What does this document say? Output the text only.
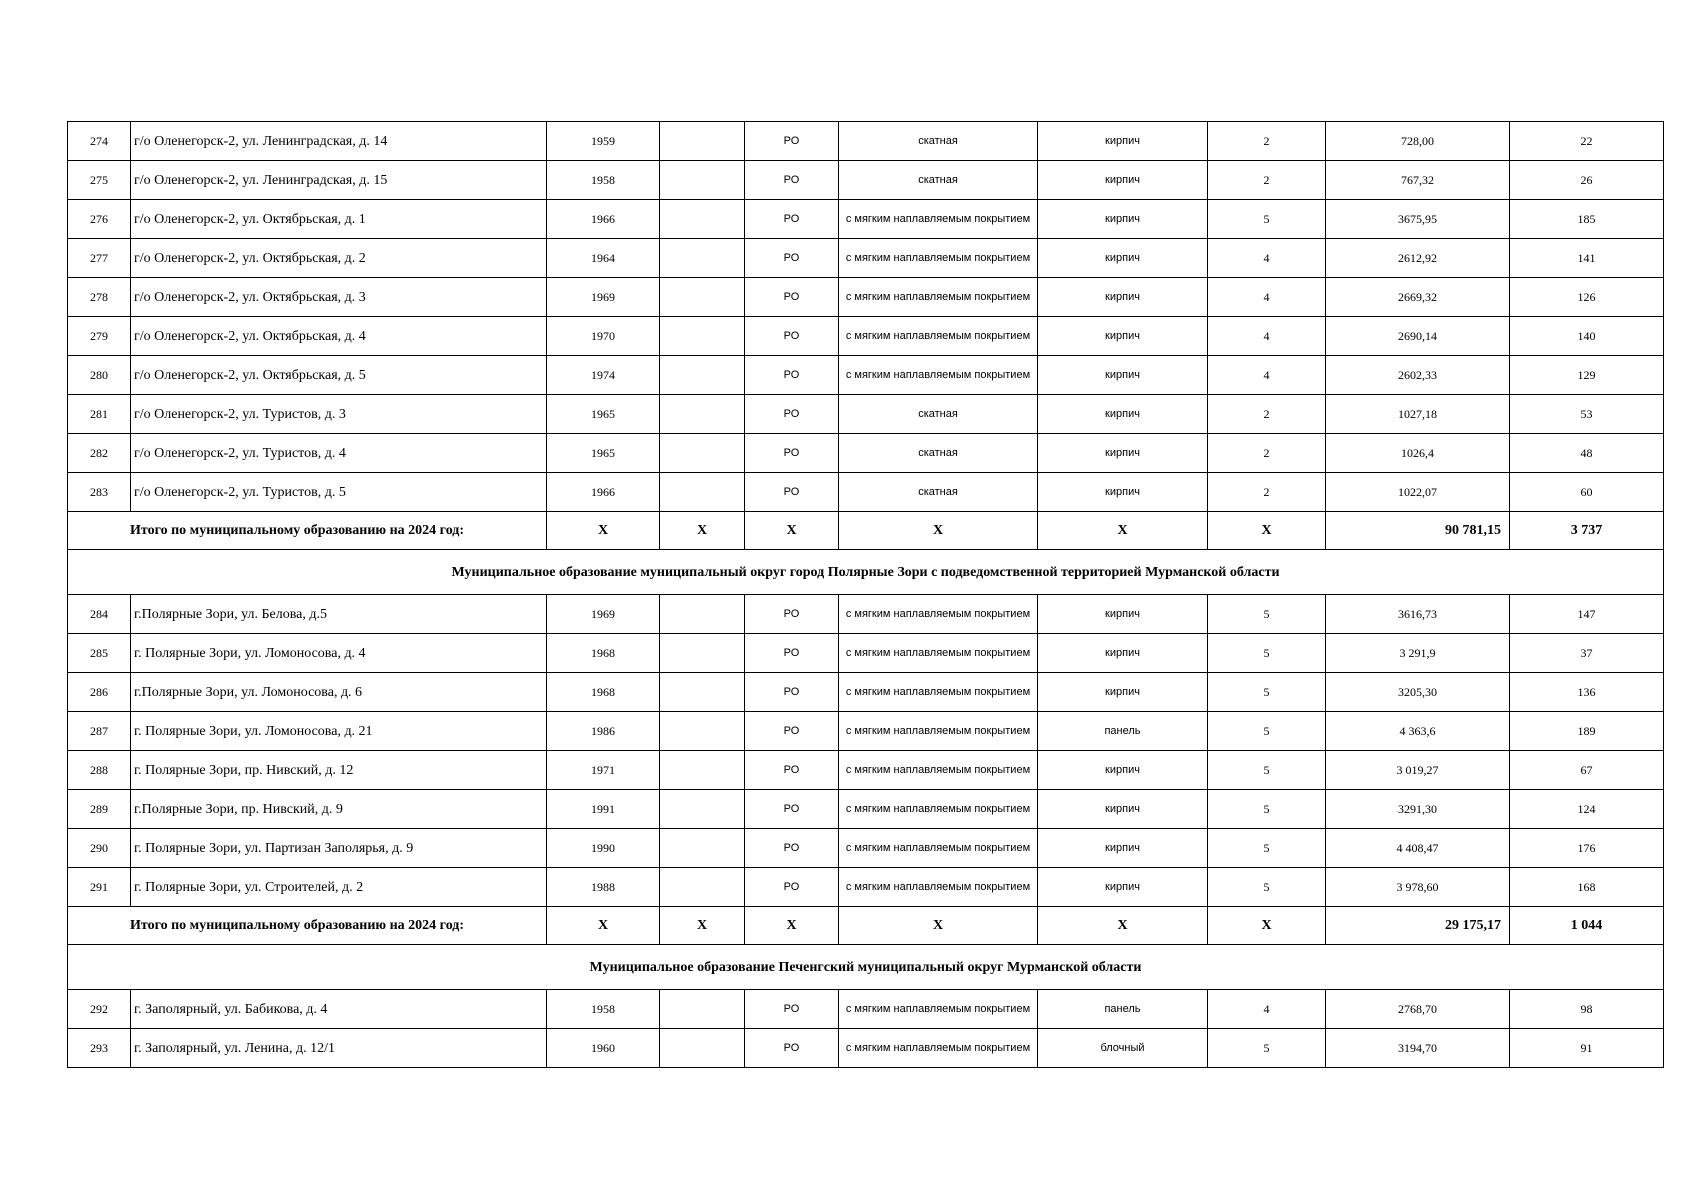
274	г/о Оленегорск-2, ул. Ленинградская, д. 14	1959		РО	скатная	кирпич	2	728,00	22
275	г/о Оленегорск-2, ул. Ленинградская, д. 15	1958		РО	скатная	кирпич	2	767,32	26
276	г/о Оленегорск-2, ул. Октябрьская, д. 1	1966		РО	с мягким наплавляемым покрытием	кирпич	5	3675,95	185
277	г/о Оленегорск-2, ул. Октябрьская, д. 2	1964		РО	с мягким наплавляемым покрытием	кирпич	4	2612,92	141
278	г/о Оленегорск-2, ул. Октябрьская, д. 3	1969		РО	с мягким наплавляемым покрытием	кирпич	4	2669,32	126
279	г/о Оленегорск-2, ул. Октябрьская, д. 4	1970		РО	с мягким наплавляемым покрытием	кирпич	4	2690,14	140
280	г/о Оленегорск-2, ул. Октябрьская, д. 5	1974		РО	с мягким наплавляемым покрытием	кирпич	4	2602,33	129
281	г/о Оленегорск-2, ул. Туристов, д. 3	1965		РО	скатная	кирпич	2	1027,18	53
282	г/о Оленегорск-2, ул. Туристов, д. 4	1965		РО	скатная	кирпич	2	1026,4	48
283	г/о Оленегорск-2, ул. Туристов, д. 5	1966		РО	скатная	кирпич	2	1022,07	60
Итого по муниципальному образованию на 2024 год:		X	X	X	X	X	X	90 781,15	3 737
Муниципальное образование муниципальный округ город Полярные Зори с подведомственной территорией Мурманской области									
284	г.Полярные Зори, ул. Белова, д.5	1969		РО	с мягким наплавляемым покрытием	кирпич	5	3616,73	147
285	г. Полярные Зори, ул. Ломоносова, д. 4	1968		РО	с мягким наплавляемым покрытием	кирпич	5	3 291,9	37
286	г.Полярные Зори, ул. Ломоносова, д. 6	1968		РО	с мягким наплавляемым покрытием	кирпич	5	3205,30	136
287	г. Полярные Зори, ул. Ломоносова, д. 21	1986		РО	с мягким наплавляемым покрытием	панель	5	4 363,6	189
288	г. Полярные Зори, пр. Нивский, д. 12	1971		РО	с мягким наплавляемым покрытием	кирпич	5	3 019,27	67
289	г.Полярные Зори, пр. Нивский, д. 9	1991		РО	с мягким наплавляемым покрытием	кирпич	5	3291,30	124
290	г. Полярные Зори, ул. Партизан Заполярья, д. 9	1990		РО	с мягким наплавляемым покрытием	кирпич	5	4 408,47	176
291	г. Полярные Зори, ул. Строителей, д. 2	1988		РО	с мягким наплавляемым покрытием	кирпич	5	3 978,60	168
Итого по муниципальному образованию на 2024 год:		X	X	X	X	X	X	29 175,17	1 044
Муниципальное образование Печенгский муниципальный округ Мурманской области									
292	г. Заполярный, ул. Бабикова, д. 4	1958		РО	с мягким наплавляемым покрытием	панель	4	2768,70	98
293	г. Заполярный, ул. Ленина, д. 12/1	1960		РО	с мягким наплавляемым покрытием	блочный	5	3194,70	91
